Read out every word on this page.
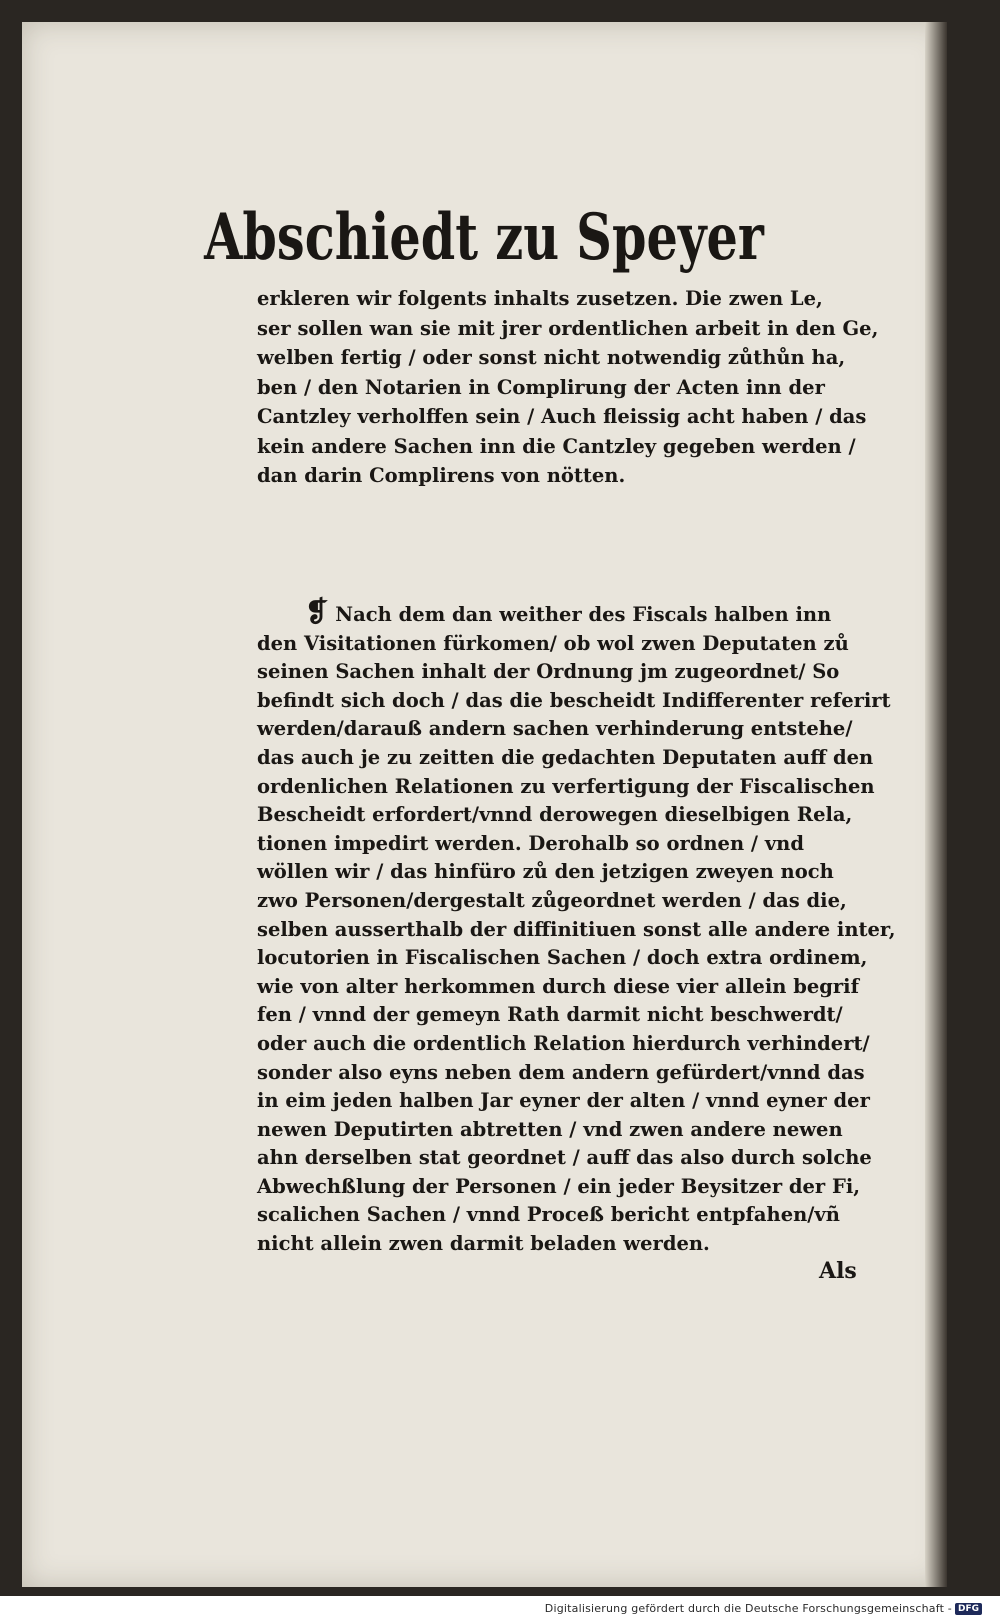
Abschiedt zu Speyer

erkleren wir folgents inhalts zusetzen. Die zwen Le,
ser sollen wan sie mit jrer ordentlichen arbeit in den Ge,
welben fertig / oder sonst nicht notwendig zůthůn ha,
ben / den Notarien in Complirung der Acten inn der
Cantzley verholffen sein / Auch fleissig acht haben / das
kein andere Sachen inn die Cantzley gegeben werden /
dan darin Complirens von nötten.

❡ Nach dem dan weither des Fiscals halben inn
den Visitationen fürkomen/ ob wol zwen Deputaten zů
seinen Sachen inhalt der Ordnung jm zugeordnet/ So
befindt sich doch / das die bescheidt Indifferenter referirt
werden/darauß andern sachen verhinderung entstehe/
das auch je zu zeitten die gedachten Deputaten auff den
ordenlichen Relationen zu verfertigung der Fiscalischen
Bescheidt erfordert/vnnd derowegen dieselbigen Rela,
tionen impedirt werden. Derohalb so ordnen / vnd
wöllen wir / das hinfüro zů den jetzigen zweyen noch
zwo Personen/dergestalt zůgeordnet werden / das die,
selben ausserthalb der diffinitiuen sonst alle andere inter,
locutorien in Fiscalischen Sachen / doch extra ordinem,
wie von alter herkommen durch diese vier allein begrif
fen / vnnd der gemeyn Rath darmit nicht beschwerdt/
oder auch die ordentlich Relation hierdurch verhindert/
sonder also eyns neben dem andern gefürdert/vnnd das
in eim jeden halben Jar eyner der alten / vnnd eyner der
newen Deputirten abtretten / vnd zwen andere newen
ahn derselben stat geordnet / auff das also durch solche
Abwechßlung der Personen / ein jeder Beysitzer der Fi,
scalichen Sachen / vnnd Proceß bericht entpfahen/vñ
nicht allein zwen darmit beladen werden.

Als
Digitalisierung gefördert durch die Deutsche Forschungsgemeinschaft - DFG
